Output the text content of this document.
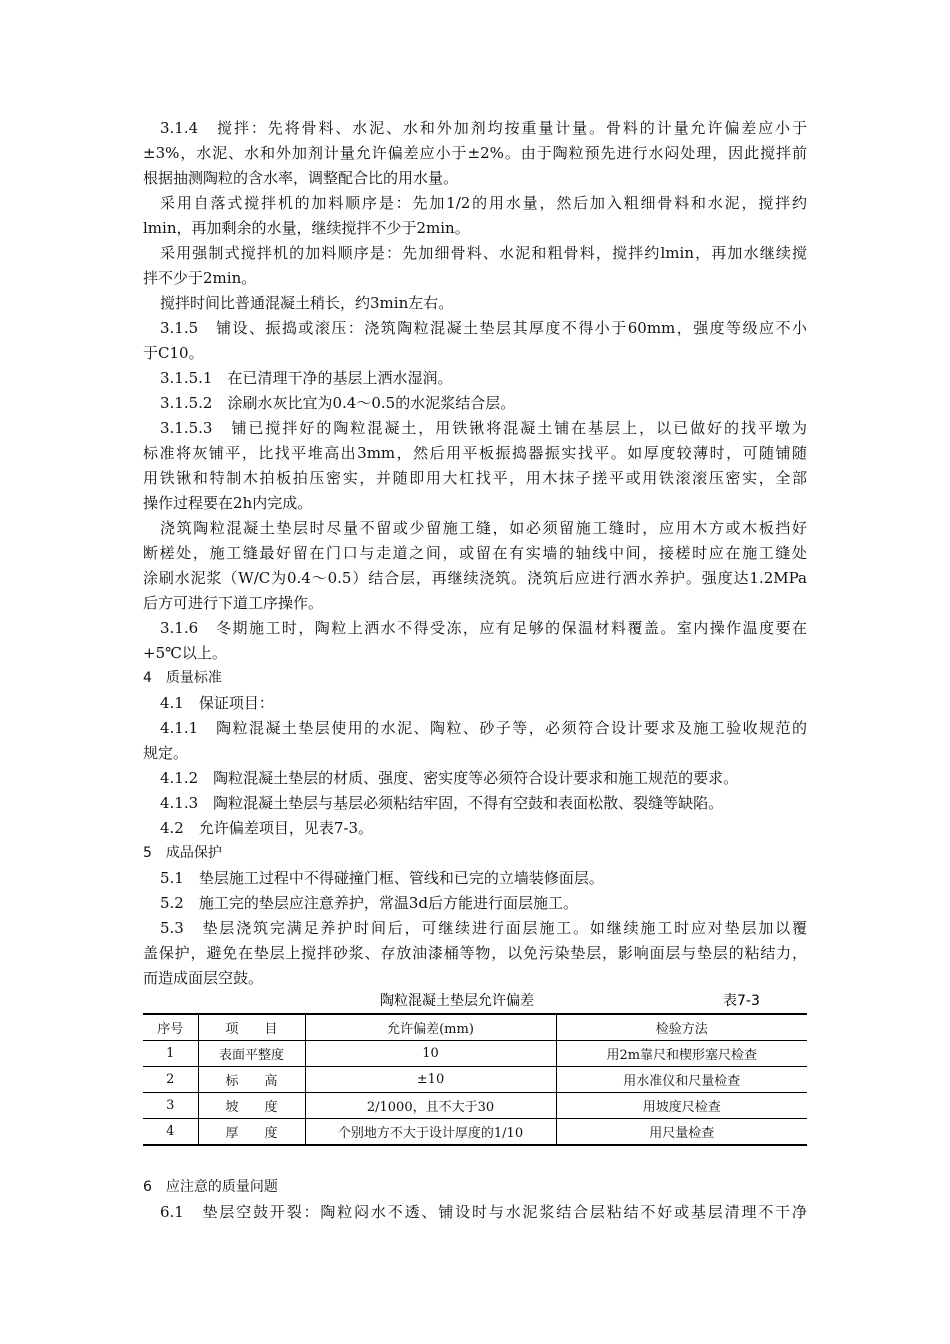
3.1.4　搅拌：先将骨料、水泥、水和外加剂均按重量计量。骨料的计量允许偏差应小于
±3%，水泥、水和外加剂计量允许偏差应小于±2%。由于陶粒预先进行水闷处理，因此搅拌前
根据抽测陶粒的含水率，调整配合比的用水量。
采用自落式搅拌机的加料顺序是：先加1/2的用水量，然后加入粗细骨料和水泥，搅拌约
lmin，再加剩余的水量，继续搅拌不少于2min。
采用强制式搅拌机的加料顺序是：先加细骨料、水泥和粗骨料，搅拌约lmin，再加水继续搅
拌不少于2min。
搅拌时间比普通混凝土稍长，约3min左右。
3.1.5　铺设、振捣或滚压：浇筑陶粒混凝土垫层其厚度不得小于60mm，强度等级应不小
于C10。
3.1.5.1　在已清理干净的基层上洒水湿润。
3.1.5.2　涂刷水灰比宜为0.4～0.5的水泥浆结合层。
3.1.5.3　铺已搅拌好的陶粒混凝土，用铁锹将混凝土铺在基层上，以已做好的找平墩为
标准将灰铺平，比找平堆高出3mm，然后用平板振捣器振实找平。如厚度较薄时，可随铺随
用铁锹和特制木拍板拍压密实，并随即用大杠找平，用木抹子搓平或用铁滚滚压密实，全部
操作过程要在2h内完成。
浇筑陶粒混凝土垫层时尽量不留或少留施工缝，如必须留施工缝时，应用木方或木板挡好
断槎处，施工缝最好留在门口与走道之间，或留在有实墙的轴线中间，接槎时应在施工缝处
涂刷水泥浆（W/C为0.4～0.5）结合层，再继续浇筑。浇筑后应进行洒水养护。强度达1.2MPa
后方可进行下道工序操作。
3.1.6　冬期施工时，陶粒上洒水不得受冻，应有足够的保温材料覆盖。室内操作温度要在
+5℃以上。
4　质量标准
4.1　保证项目：
4.1.1　陶粒混凝土垫层使用的水泥、陶粒、砂子等，必须符合设计要求及施工验收规范的
规定。
4.1.2　陶粒混凝土垫层的材质、强度、密实度等必须符合设计要求和施工规范的要求。
4.1.3　陶粒混凝土垫层与基层必须粘结牢固，不得有空鼓和表面松散、裂缝等缺陷。
4.2　允许偏差项目，见表7-3。
5　成品保护
5.1　垫层施工过程中不得碰撞门框、管线和已完的立墙装修面层。
5.2　施工完的垫层应注意养护，常温3d后方能进行面层施工。
5.3　垫层浇筑完满足养护时间后，可继续进行面层施工。如继续施工时应对垫层加以覆
盖保护，避免在垫层上搅拌砂浆、存放油漆桶等物，以免污染垫层，影响面层与垫层的粘结力，
而造成面层空鼓。
陶粒混凝土垫层允许偏差	表7-3
序号	项　　目	允许偏差(mm)	检验方法
1	表面平整度	10	用2m靠尺和楔形塞尺检查
2	标　　高	±10	用水准仪和尺量检查
3	坡　　度	2/1000，且不大于30	用坡度尺检查
4	厚　　度	个别地方不大于设计厚度的1/10	用尺量检查
6　应注意的质量问题
6.1　垫层空鼓开裂：陶粒闷水不透、铺设时与水泥浆结合层粘结不好或基层清理不干净
